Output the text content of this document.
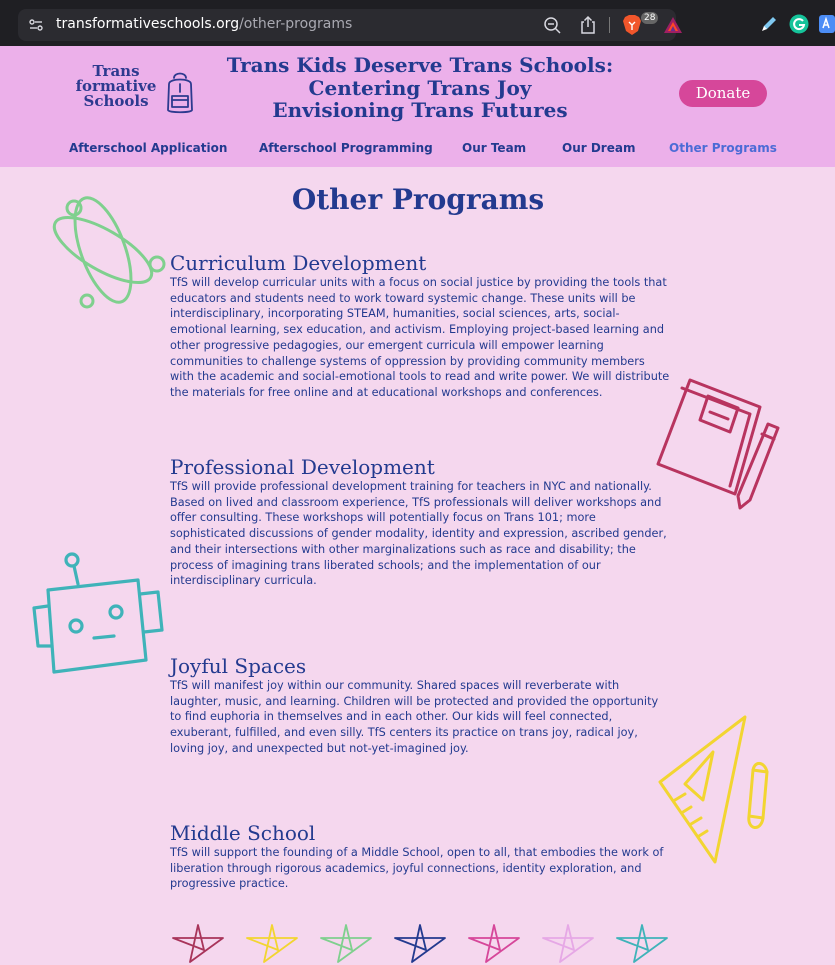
transformativeschools.org/other-programs	28
Trans
formative
Schools
Trans Kids Deserve Trans Schools:
Centering Trans Joy
Envisioning Trans Futures
Donate
Afterschool Application	Afterschool Programming Our Team	Our Dream	Other Programs
Other Programs
Curriculum Development

TfS will develop curricular units with a focus on social justice by providing the tools that educators and students need to work toward systemic change. These units will be interdisciplinary, incorporating STEAM, humanities, social sciences, arts, social-emotional learning, sex education, and activism. Employing project-based learning and other progressive pedagogies, our emergent curricula will empower learning communities to challenge systems of oppression by providing community members with the academic and social-emotional tools to read and write power. We will distribute the materials for free online and at educational workshops and conferences.

Professional Development

TfS will provide professional development training for teachers in NYC and nationally. Based on lived and classroom experience, TfS professionals will deliver workshops and offer consulting. These workshops will potentially focus on Trans 101; more sophisticated discussions of gender modality, identity and expression, ascribed gender, and their intersections with other marginalizations such as race and disability; the process of imagining trans liberated schools; and the implementation of our interdisciplinary curricula.

Joyful Spaces

TfS will manifest joy within our community. Shared spaces will reverberate with laughter, music, and learning. Children will be protected and provided the opportunity to find euphoria in themselves and in each other. Our kids will feel connected, exuberant, fulfilled, and even silly. TfS centers its practice on trans joy, radical joy, loving joy, and unexpected but not-yet-imagined joy.

Middle School

TfS will support the founding of a Middle School, open to all, that embodies the work of liberation through rigorous academics, joyful connections, identity exploration, and progressive practice.
